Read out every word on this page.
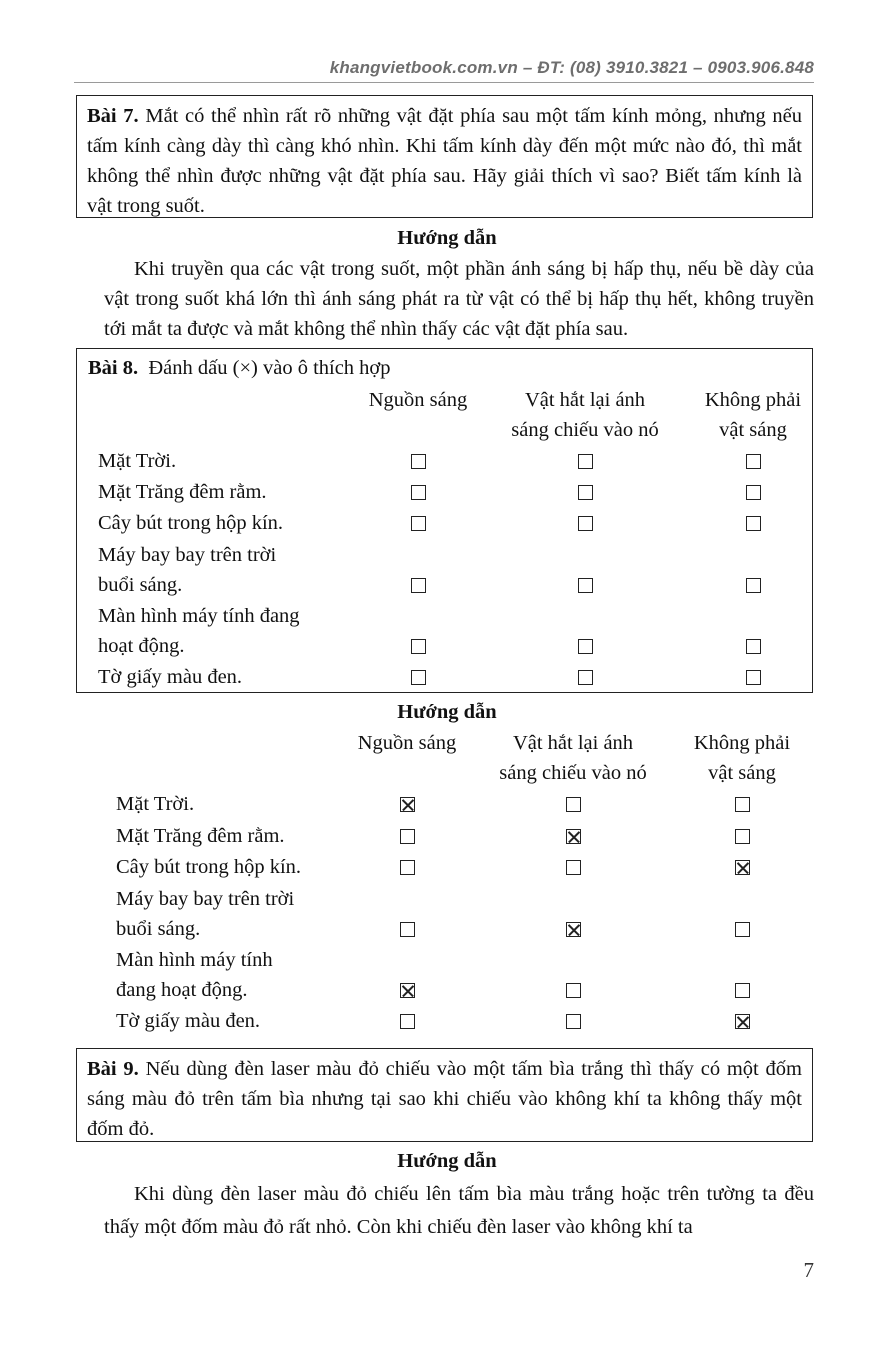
khangvietbook.com.vn – ĐT: (08) 3910.3821 – 0903.906.848
Bài 7. Mắt có thể nhìn rất rõ những vật đặt phía sau một tấm kính mỏng, nhưng nếu tấm kính càng dày thì càng khó nhìn. Khi tấm kính dày đến một mức nào đó, thì mắt không thể nhìn được những vật đặt phía sau. Hãy giải thích vì sao? Biết tấm kính là vật trong suốt.
Hướng dẫn
Khi truyền qua các vật trong suốt, một phần ánh sáng bị hấp thụ, nếu bề dày của vật trong suốt khá lớn thì ánh sáng phát ra từ vật có thể bị hấp thụ hết, không truyền tới mắt ta được và mắt không thể nhìn thấy các vật đặt phía sau.
Bài 8. Đánh dấu (×) vào ô thích hợp
Nguồn sáng	Vật hắt lại ánh
sáng chiếu vào nó
Không phải
vật sáng
Mặt Trời.
Mặt Trăng đêm rằm.
Cây bút trong hộp kín.
Máy bay bay trên trời
buổi sáng.
Màn hình máy tính đang
hoạt động.
Tờ giấy màu đen.
Hướng dẫn
Nguồn sáng	Vật hắt lại ánh
sáng chiếu vào nó
Không phải
vật sáng
Mặt Trời.
Mặt Trăng đêm rằm.
Cây bút trong hộp kín.
Máy bay bay trên trời
buổi sáng.
Màn hình máy tính
đang hoạt động.
Tờ giấy màu đen.
Bài 9. Nếu dùng đèn laser màu đỏ chiếu vào một tấm bìa trắng thì thấy có một đốm sáng màu đỏ trên tấm bìa nhưng tại sao khi chiếu vào không khí ta không thấy một đốm đỏ.
Hướng dẫn
Khi dùng đèn laser màu đỏ chiếu lên tấm bìa màu trắng hoặc trên tường ta đều thấy một đốm màu đỏ rất nhỏ. Còn khi chiếu đèn laser vào không khí ta
7
